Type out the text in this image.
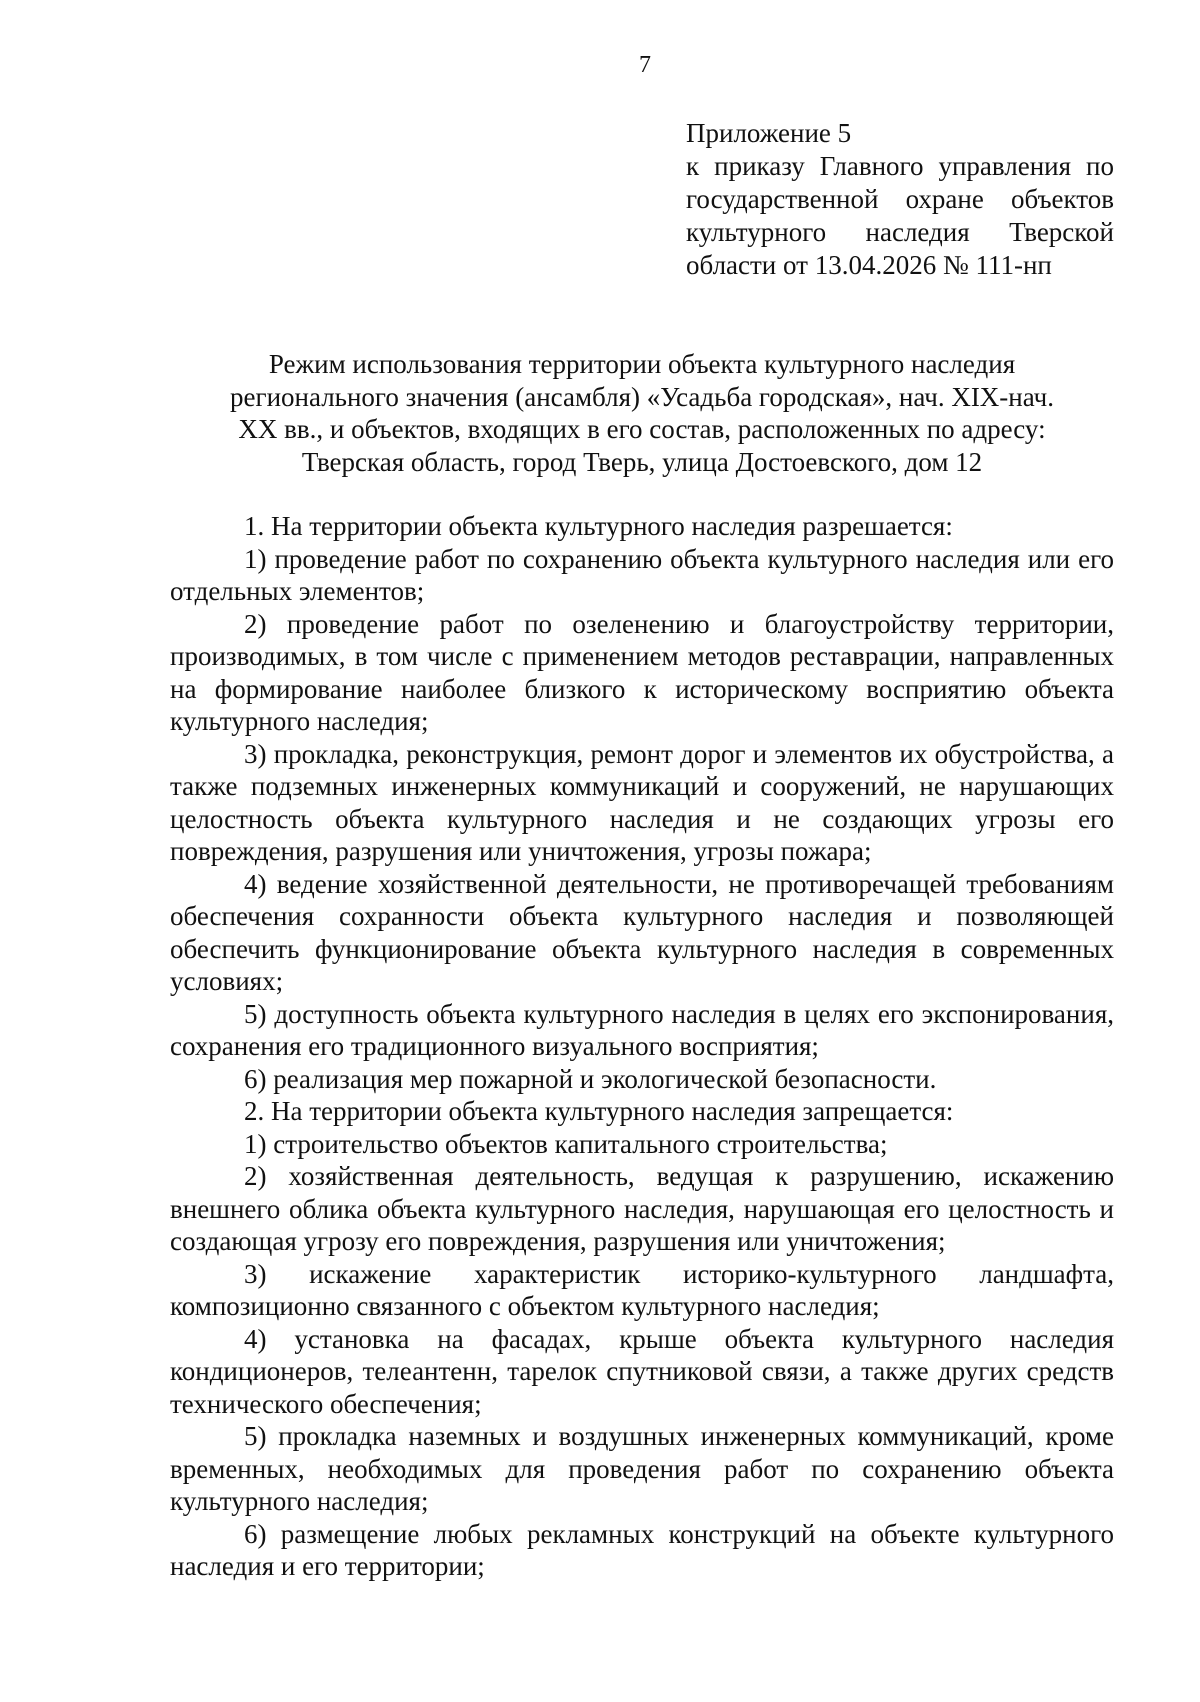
7
Приложение 5
к приказу Главного управления по
государственной охране объектов
культурного наследия Тверской
области от 13.04.2026 № 111-нп
Режим использования территории объекта культурного наследия
регионального значения (ансамбля) «Усадьба городская», нач. XIX-нач.
XX вв., и объектов, входящих в его состав, расположенных по адресу:
Тверская область, город Тверь, улица Достоевского, дом 12

1. На территории объекта культурного наследия разрешается:

1) проведение работ по сохранению объекта культурного наследия или его отдельных элементов;

2) проведение работ по озеленению и благоустройству территории, производимых, в том числе с применением методов реставрации, направленных на формирование наиболее близкого к историческому восприятию объекта культурного наследия;

3) прокладка, реконструкция, ремонт дорог и элементов их обустройства, а также подземных инженерных коммуникаций и сооружений, не нарушающих целостность объекта культурного наследия и не создающих угрозы его повреждения, разрушения или уничтожения, угрозы пожара;

4) ведение хозяйственной деятельности, не противоречащей требованиям обеспечения сохранности объекта культурного наследия и позволяющей обеспечить функционирование объекта культурного наследия в современных условиях;

5) доступность объекта культурного наследия в целях его экспонирования, сохранения его традиционного визуального восприятия;

6) реализация мер пожарной и экологической безопасности.

2. На территории объекта культурного наследия запрещается:

1) строительство объектов капитального строительства;

2) хозяйственная деятельность, ведущая к разрушению, искажению внешнего облика объекта культурного наследия, нарушающая его целостность и создающая угрозу его повреждения, разрушения или уничтожения;

3) искажение характеристик историко-культурного ландшафта, композиционно связанного с объектом культурного наследия;

4) установка на фасадах, крыше объекта культурного наследия кондиционеров, телеантенн, тарелок спутниковой связи, а также других средств технического обеспечения;

5) прокладка наземных и воздушных инженерных коммуникаций, кроме временных, необходимых для проведения работ по сохранению объекта культурного наследия;

6) размещение любых рекламных конструкций на объекте культурного наследия и его территории;
